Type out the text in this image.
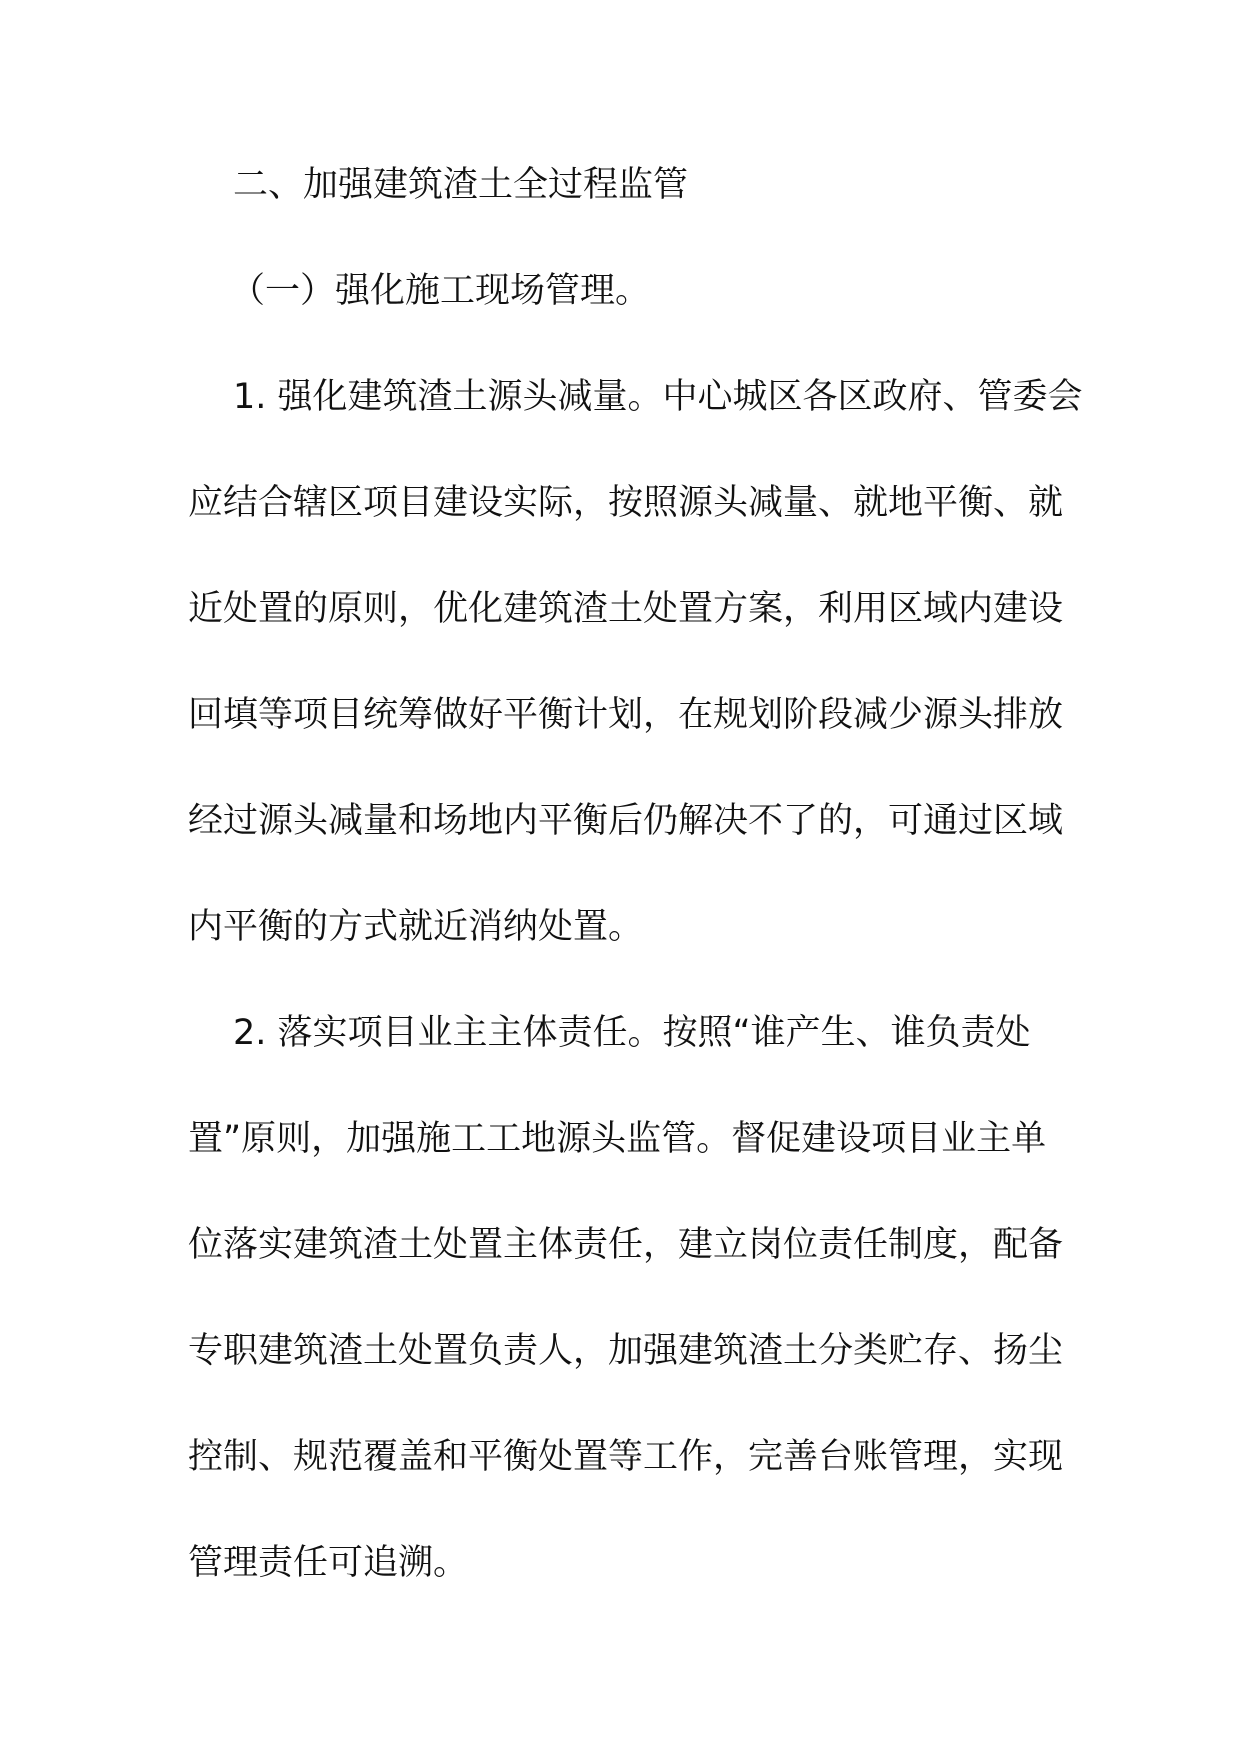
二、加强建筑渣土全过程监管
（一）强化施工现场管理。
1. 强化建筑渣土源头减量。中心城区各区政府、管委会
应结合辖区项目建设实际，按照源头减量、就地平衡、就
近处置的原则，优化建筑渣土处置方案，利用区域内建设
回填等项目统筹做好平衡计划，在规划阶段减少源头排放
经过源头减量和场地内平衡后仍解决不了的，可通过区域
内平衡的方式就近消纳处置。
2. 落实项目业主主体责任。按照“谁产生、谁负责处
置”原则，加强施工工地源头监管。督促建设项目业主单
位落实建筑渣土处置主体责任，建立岗位责任制度，配备
专职建筑渣土处置负责人，加强建筑渣土分类贮存、扬尘
控制、规范覆盖和平衡处置等工作，完善台账管理，实现
管理责任可追溯。
